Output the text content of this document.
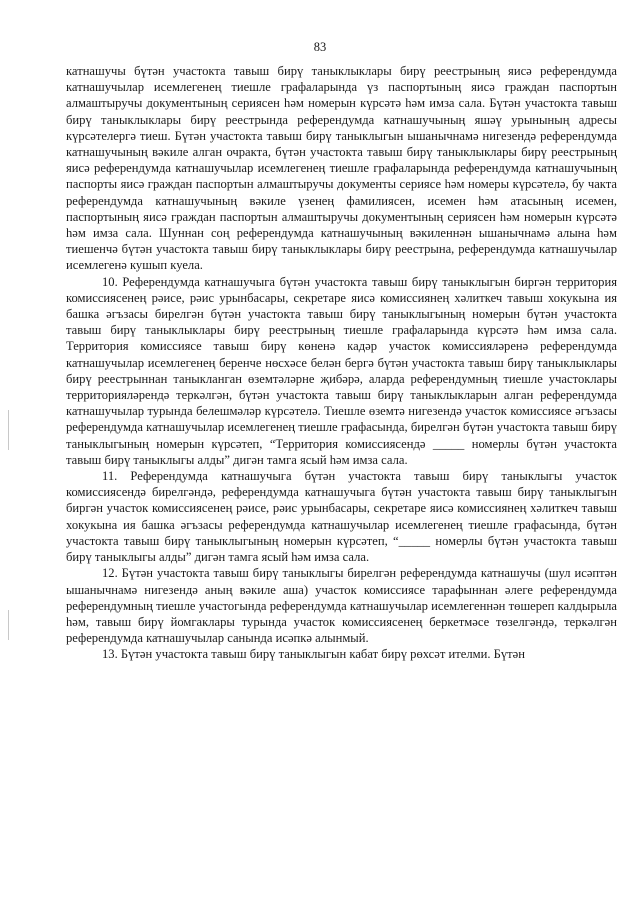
83

катнашучы бүтән участокта тавыш бирү таныклыклары бирү реестрының яисә референдумда катнашучылар исемлегенең тиешле графаларында үз паспортының яисә граждан паспортын алмаштыручы документының сериясен һәм номерын күрсәтә һәм имза сала. Бүтән участокта тавыш бирү таныклыклары бирү реестрында референдумда катнашучының яшәү урынының адресы күрсәтелергә тиеш. Бүтән участокта тавыш бирү таныклыгын ышанычнамә нигезендә референдумда катнашучының вәкиле алган очракта, бүтән участокта тавыш бирү таныклыклары бирү реестрының яисә референдумда катнашучылар исемлегенең тиешле графаларында референдумда катнашучының паспорты яисә граждан паспортын алмаштыручы документы сериясе һәм номеры күрсәтелә, бу чакта референдумда катнашучының вәкиле үзенең фамилиясен, исемен һәм атасының исемен, паспортының яисә граждан паспортын алмаштыручы документының сериясен һәм номерын күрсәтә һәм имза сала. Шуннан соң референдумда катнашучының вәкиленнән ышанычнамә алына һәм тиешенчә бүтән участокта тавыш бирү таныклыклары бирү реестрына, референдумда катнашучылар исемлегенә кушып куела.

10. Референдумда катнашучыга бүтән участокта тавыш бирү таныклыгын биргән территория комиссиясенең рәисе, рәис урынбасары, секретаре яисә комиссиянең хәлиткеч тавыш хокукына ия башка әгъзасы бирелгән бүтән участокта тавыш бирү таныклыгының номерын бүтән участокта тавыш бирү таныклыклары бирү реестрының тиешле графаларында күрсәтә һәм имза сала. Территория комиссиясе тавыш бирү көненә кадәр участок комиссияләренә референдумда катнашучылар исемлегенең беренче нөсхәсе белән бергә бүтән участокта тавыш бирү таныклыклары бирү реестрыннан таныкланган өземтәләрне җибәрә, аларда референдумның тиешле участоклары территорияләрендә теркәлгән, бүтән участокта тавыш бирү таныклыкларын алган референдумда катнашучылар турында белешмәләр күрсәтелә. Тиешле өземтә нигезендә участок комиссиясе әгъзасы референдумда катнашучылар исемлегенең тиешле графасында, бирелгән бүтән участокта тавыш бирү таныклыгының номерын күрсәтеп, “Территория комиссиясендә _____ номерлы бүтән участокта тавыш бирү таныклыгы алды” дигән тамга ясый һәм имза сала.

11. Референдумда катнашучыга бүтән участокта тавыш бирү таныклыгы участок комиссиясендә бирелгәндә, референдумда катнашучыга бүтән участокта тавыш бирү таныклыгын биргән участок комиссиясенең рәисе, рәис урынбасары, секретаре яисә комиссиянең хәлиткеч тавыш хокукына ия башка әгъзасы референдумда катнашучылар исемлегенең тиешле графасында, бүтән участокта тавыш бирү таныклыгының номерын күрсәтеп, “_____ номерлы бүтән участокта тавыш бирү таныклыгы алды” дигән тамга ясый һәм имза сала.

12. Бүтән участокта тавыш бирү таныклыгы бирелгән референдумда катнашучы (шул исәптән ышанычнамә нигезендә аның вәкиле аша) участок комиссиясе тарафыннан әлеге референдумда референдумның тиешле участогында референдумда катнашучылар исемлегеннән төшереп калдырыла һәм, тавыш бирү йомгаклары турында участок комиссиясенең беркетмәсе төзелгәндә, теркәлгән референдумда катнашучылар санында исәпкә алынмый.

13. Бүтән участокта тавыш бирү таныклыгын кабат бирү рөхсәт ителми. Бүтән
